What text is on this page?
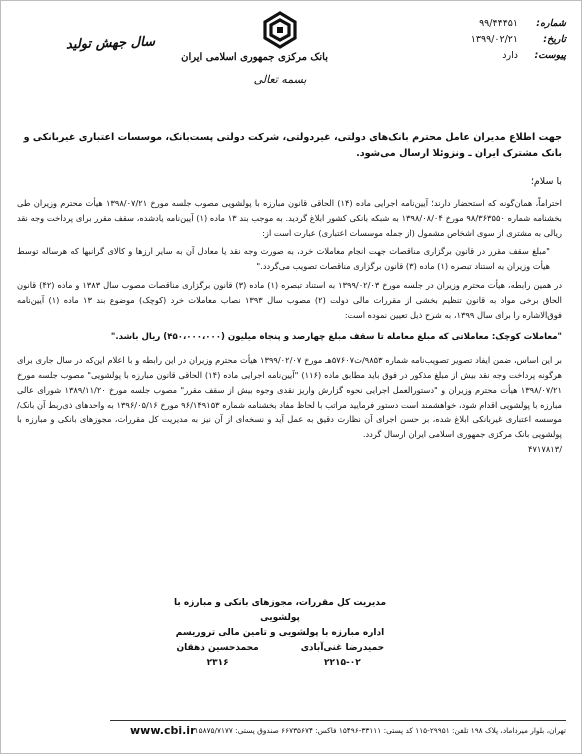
شماره:
۹۹/۴۴۴۵۱
تاریخ:
۱۳۹۹/۰۲/۲۱
پیوست:
دارد
بانک مرکزی جمهوری اسلامی ایران
بسمه تعالی
سال جهش تولید
جهت اطلاع مدیران عامل محترم بانک‌های دولتی، غیردولتی، شرکت دولتی پست‌بانک، موسسات اعتباری غیربانکی و بانک مشترک ایران ـ ونزوئلا ارسال می‌شود.
با سلام؛

احتراماً، همان‌گونه که استحضار دارند؛ آیین‌نامه اجرایی ماده (۱۴) الحاقی قانون مبارزه با پولشویی مصوب جلسه مورخ ۱۳۹۸/۰۷/۲۱ هیأت محترم وزیران طی بخشنامه شماره ۹۸/۳۶۳۵۵۰ مورخ ۱۳۹۸/۰۸/۰۴ به شبکه بانکی کشور ابلاغ گردید. به موجب بند ۱۳ ماده (۱) آیین‌نامه یادشده، سقف مقرر برای پرداخت وجه نقد ریالی به مشتری از سوی اشخاص مشمول (از جمله موسسات اعتباری) عبارت است از:

"مبلغ سقف مقرر در قانون برگزاری مناقصات جهت انجام معاملات خرد، به صورت وجه نقد یا معادل آن به سایر ارزها و کالای گرانبها که هرساله توسط هیأت وزیران به استناد تبصره (۱) ماده (۳) قانون برگزاری مناقصات تصویب می‌گردد."

در همین رابطه، هیأت محترم وزیران در جلسه مورخ ۱۳۹۹/۰۲/۰۳ به استناد تبصره (۱) ماده (۳) قانون برگزاری مناقصات مصوب سال ۱۳۸۳ و ماده (۴۲) قانون الحاق برخی مواد به قانون تنظیم بخشی از مقررات مالی دولت (۲) مصوب سال ۱۳۹۳ نصاب معاملات خرد (کوچک) موضوع بند ۱۳ ماده (۱) آیین‌نامه فوق‌الاشاره را برای سال ۱۳۹۹، به شرح ذیل تعیین نموده است:

"معاملات کوچک: معاملاتی که مبلغ معامله تا سقف مبلغ چهارصد و پنجاه میلیون (۴۵۰،۰۰۰،۰۰۰) ریال باشد."

بر این اساس، ضمن ایفاد تصویر تصویب‌نامه شماره ۹۸۵۳/ت۵۷۶۰۷هـ مورخ ۱۳۹۹/۰۲/۰۷ هیأت محترم وزیران در این رابطه و با اعلام این‌که در سال جاری برای هرگونه پرداخت وجه نقد بیش از مبلغ مذکور در فوق باید مطابق ماده (۱۱۶) "آیین‌نامه اجرایی ماده (۱۴) الحاقی قانون مبارزه با پولشویی" مصوب جلسه مورخ ۱۳۹۸/۰۷/۲۱ هیأت محترم وزیران و "دستورالعمل اجرایی نحوه گزارش واریز نقدی وجوه بیش از سقف مقرر" مصوب جلسه مورخ ۱۳۸۹/۱۱/۲۰ شورای عالی مبارزه با پولشویی اقدام شود، خواهشمند است دستور فرمایید مراتب با لحاظ مفاد بخشنامه شماره ۹۶/۱۴۹۱۵۳ مورخ ۱۳۹۶/۰۵/۱۶ به واحدهای ذی‌ربط آن بانک/موسسه اعتباری غیربانکی ابلاغ شده، بر حسن اجرای آن نظارت دقیق به عمل آید و نسخه‌ای از آن نیز به مدیریت کل مقررات، مجوزهای بانکی و مبارزه با پولشویی بانک مرکزی جمهوری اسلامی ایران ارسال گردد.

۴۷۱۷۸۱۳/

مدیریت کل مقررات، مجوزهای بانکی و مبارزه با پولشویی
اداره مبارزه با پولشویی و تامین مالی تروریسم
حمیدرضا غنی‌آبادی
۲۲۱۵-۰۲
محمدحسین دهقان
۲۳۱۶
www.cbi.ir تهران، بلوار میرداماد، پلاک ۱۹۸ تلفن: ۲۹۹۵۱-۱۱۵ کد پستی: ۳۳۱۱۱-۱۵۴۹۶ فاکس: ۶۶۷۳۵۶۷۴ صندوق پستی: ۱۵۸۷۵/۷۱۷۷
